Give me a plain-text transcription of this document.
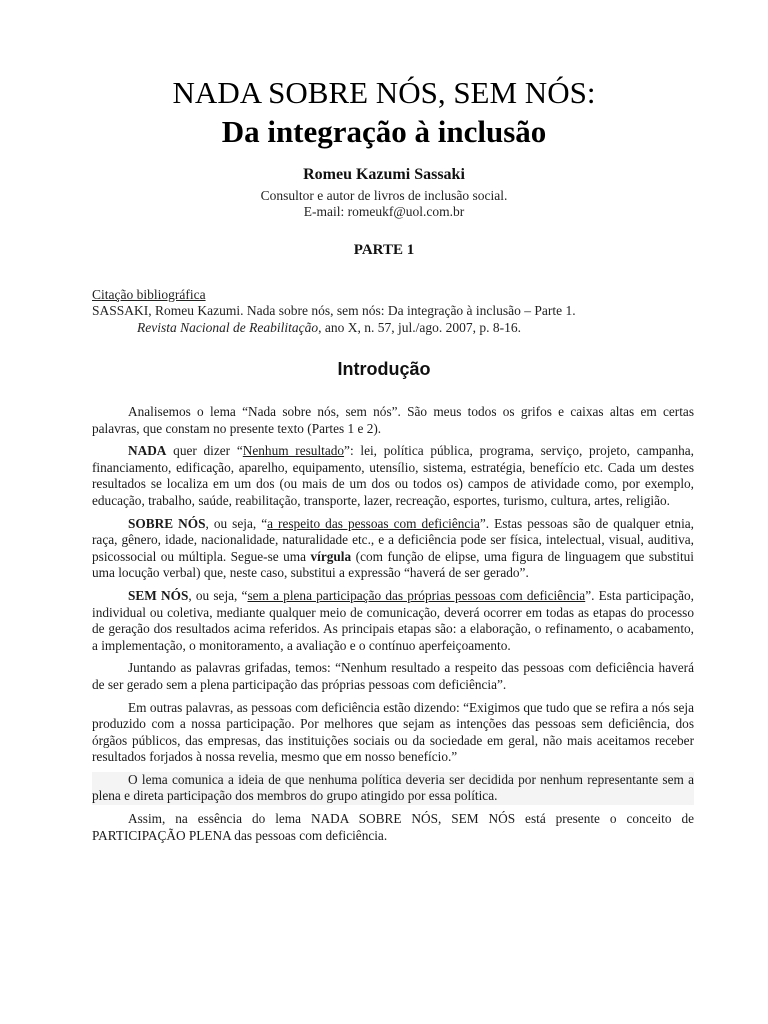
NADA SOBRE NÓS, SEM NÓS:
Da integração à inclusão
Romeu Kazumi Sassaki
Consultor e autor de livros de inclusão social.
E-mail: romeukf@uol.com.br
PARTE 1
Citação bibliográfica
SASSAKI, Romeu Kazumi. Nada sobre nós, sem nós: Da integração à inclusão – Parte 1.
Revista Nacional de Reabilitação, ano X, n. 57, jul./ago. 2007, p. 8-16.
Introdução

Analisemos o lema “Nada sobre nós, sem nós”. São meus todos os grifos e caixas altas em certas palavras, que constam no presente texto (Partes 1 e 2).

NADA quer dizer “Nenhum resultado”: lei, política pública, programa, serviço, projeto, campanha, financiamento, edificação, aparelho, equipamento, utensílio, sistema, estratégia, benefício etc. Cada um destes resultados se localiza em um dos (ou mais de um dos ou todos os) campos de atividade como, por exemplo, educação, trabalho, saúde, reabilitação, transporte, lazer, recreação, esportes, turismo, cultura, artes, religião.

SOBRE NÓS, ou seja, “a respeito das pessoas com deficiência”. Estas pessoas são de qualquer etnia, raça, gênero, idade, nacionalidade, naturalidade etc., e a deficiência pode ser física, intelectual, visual, auditiva, psicossocial ou múltipla. Segue-se uma vírgula (com função de elipse, uma figura de linguagem que substitui uma locução verbal) que, neste caso, substitui a expressão “haverá de ser gerado”.

SEM NÓS, ou seja, “sem a plena participação das próprias pessoas com deficiência”. Esta participação, individual ou coletiva, mediante qualquer meio de comunicação, deverá ocorrer em todas as etapas do processo de geração dos resultados acima referidos. As principais etapas são: a elaboração, o refinamento, o acabamento, a implementação, o monitoramento, a avaliação e o contínuo aperfeiçoamento.

Juntando as palavras grifadas, temos: “Nenhum resultado a respeito das pessoas com deficiência haverá de ser gerado sem a plena participação das próprias pessoas com deficiência”.

Em outras palavras, as pessoas com deficiência estão dizendo: “Exigimos que tudo que se refira a nós seja produzido com a nossa participação. Por melhores que sejam as intenções das pessoas sem deficiência, dos órgãos públicos, das empresas, das instituições sociais ou da sociedade em geral, não mais aceitamos receber resultados forjados à nossa revelia, mesmo que em nosso benefício.”

O lema comunica a ideia de que nenhuma política deveria ser decidida por nenhum representante sem a plena e direta participação dos membros do grupo atingido por essa política.

Assim, na essência do lema NADA SOBRE NÓS, SEM NÓS está presente o conceito de PARTICIPAÇÃO PLENA das pessoas com deficiência.
